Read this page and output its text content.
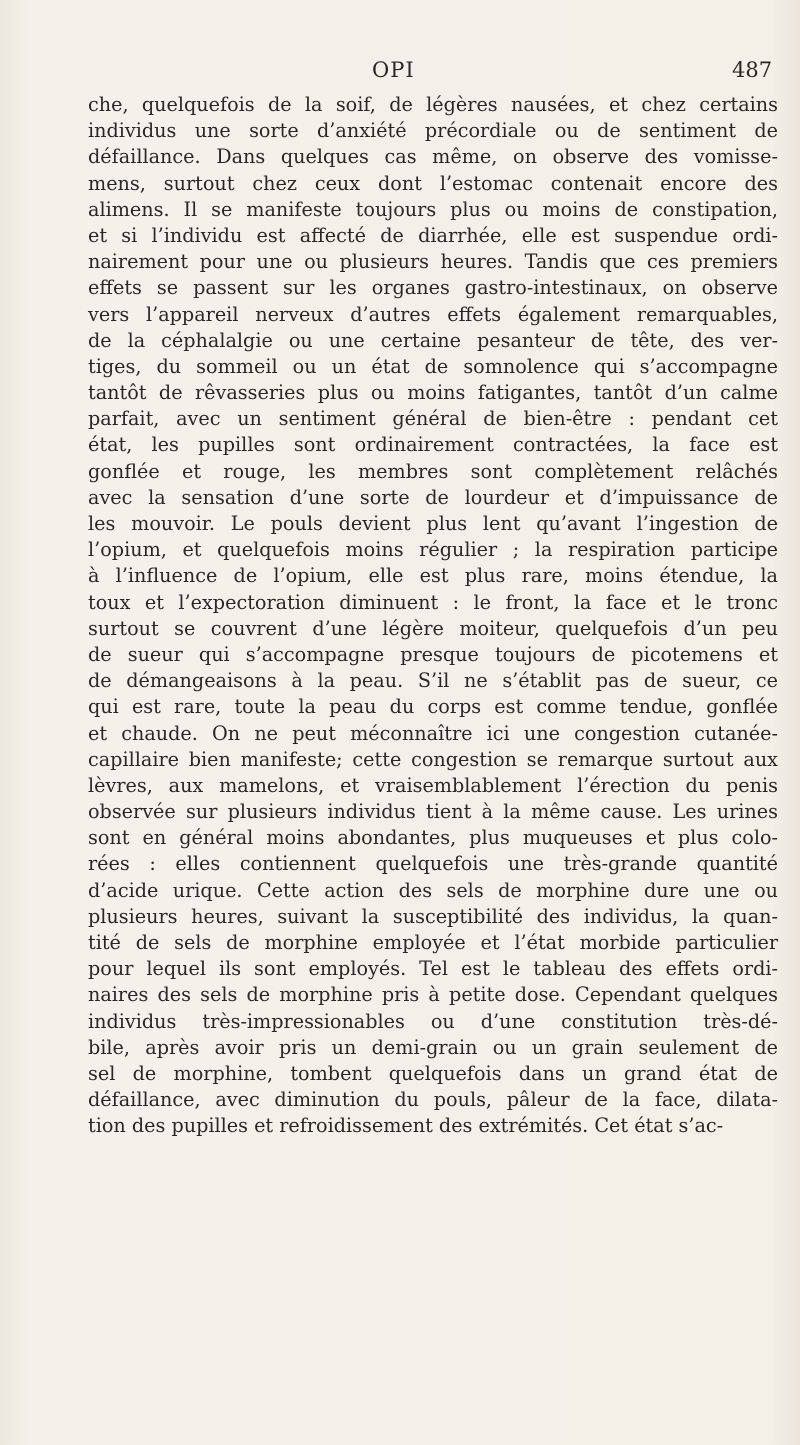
OPI	487
che, quelquefois de la soif, de légères nausées, et chez certains
individus une sorte d’anxiété précordiale ou de sentiment de
défaillance. Dans quelques cas même, on observe des vomisse-
mens, surtout chez ceux dont l’estomac contenait encore des
alimens. Il se manifeste toujours plus ou moins de constipation,
et si l’individu est affecté de diarrhée, elle est suspendue ordi-
nairement pour une ou plusieurs heures. Tandis que ces premiers
effets se passent sur les organes gastro-intestinaux, on observe
vers l’appareil nerveux d’autres effets également remarquables,
de la céphalalgie ou une certaine pesanteur de tête, des ver-
tiges, du sommeil ou un état de somnolence qui s’accompagne
tantôt de rêvasseries plus ou moins fatigantes, tantôt d’un calme
parfait, avec un sentiment général de bien-être : pendant cet
état, les pupilles sont ordinairement contractées, la face est
gonflée et rouge, les membres sont complètement relâchés
avec la sensation d’une sorte de lourdeur et d’impuissance de
les mouvoir. Le pouls devient plus lent qu’avant l’ingestion de
l’opium, et quelquefois moins régulier ; la respiration participe
à l’influence de l’opium, elle est plus rare, moins étendue, la
toux et l’expectoration diminuent : le front, la face et le tronc
surtout se couvrent d’une légère moiteur, quelquefois d’un peu
de sueur qui s’accompagne presque toujours de picotemens et
de démangeaisons à la peau. S’il ne s’établit pas de sueur, ce
qui est rare, toute la peau du corps est comme tendue, gonflée
et chaude. On ne peut méconnaître ici une congestion cutanée-
capillaire bien manifeste; cette congestion se remarque surtout aux
lèvres, aux mamelons, et vraisemblablement l’érection du penis
observée sur plusieurs individus tient à la même cause. Les urines
sont en général moins abondantes, plus muqueuses et plus colo-
rées : elles contiennent quelquefois une très-grande quantité
d’acide urique. Cette action des sels de morphine dure une ou
plusieurs heures, suivant la susceptibilité des individus, la quan-
tité de sels de morphine employée et l’état morbide particulier
pour lequel ils sont employés. Tel est le tableau des effets ordi-
naires des sels de morphine pris à petite dose. Cependant quelques
individus très-impressionables ou d’une constitution très-dé-
bile, après avoir pris un demi-grain ou un grain seulement de
sel de morphine, tombent quelquefois dans un grand état de
défaillance, avec diminution du pouls, pâleur de la face, dilata-
tion des pupilles et refroidissement des extrémités. Cet état s’ac-
